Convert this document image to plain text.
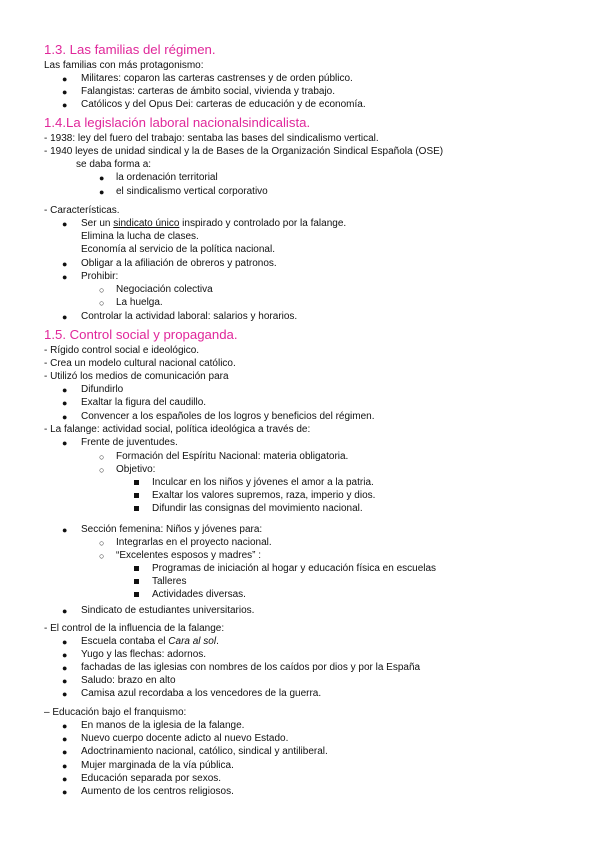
1.3. Las familias del régimen.
Las familias con más protagonismo:
● Militares: coparon las carteras castrenses y de orden público.
● Falangistas: carteras de ámbito social, vivienda y trabajo.
● Católicos y del Opus Dei: carteras de educación y de economía.
1.4.La legislación laboral nacionalsindicalista.
- 1938: ley del fuero del trabajo: sentaba las bases del sindicalismo vertical.
- 1940 leyes de unidad sindical y la de Bases de la Organización Sindical Española (OSE)
se daba forma a:
● la ordenación territorial
● el sindicalismo vertical corporativo
- Características.
● Ser un sindicato único inspirado y controlado por la falange.
Elimina la lucha de clases.
Economía al servicio de la política nacional.
● Obligar a la afiliación de obreros y patronos.
● Prohibir:
○ Negociación colectiva
○ La huelga.
● Controlar la actividad laboral: salarios y horarios.
1.5. Control social y propaganda.
- Rígido control social e ideológico.
- Crea un modelo cultural nacional católico.
- Utilizó los medios de comunicación para
● Difundirlo
● Exaltar la figura del caudillo.
● Convencer a los españoles de los logros y beneficios del régimen.
- La falange: actividad social, política ideológica a través de:
● Frente de juventudes.
○ Formación del Espíritu Nacional: materia obligatoria.
○ Objetivo:
Inculcar en los niños y jóvenes el amor a la patria.
Exaltar los valores supremos, raza, imperio y dios.
Difundir las consignas del movimiento nacional.
● Sección femenina: Niños y jóvenes para:
○ Integrarlas en el proyecto nacional.
○ “Excelentes esposos y madres” :
Programas de iniciación al hogar y educación física en escuelas
Talleres
Actividades diversas.
● Sindicato de estudiantes universitarios.
- El control de la influencia de la falange:
● Escuela contaba el Cara al sol.
● Yugo y las flechas: adornos.
● fachadas de las iglesias con nombres de los caídos por dios y por la España
● Saludo: brazo en alto
● Camisa azul recordaba a los vencedores de la guerra.
– Educación bajo el franquismo:
● En manos de la iglesia de la falange.
● Nuevo cuerpo docente adicto al nuevo Estado.
● Adoctrinamiento nacional, católico, sindical y antiliberal.
● Mujer marginada de la vía pública.
● Educación separada por sexos.
● Aumento de los centros religiosos.
